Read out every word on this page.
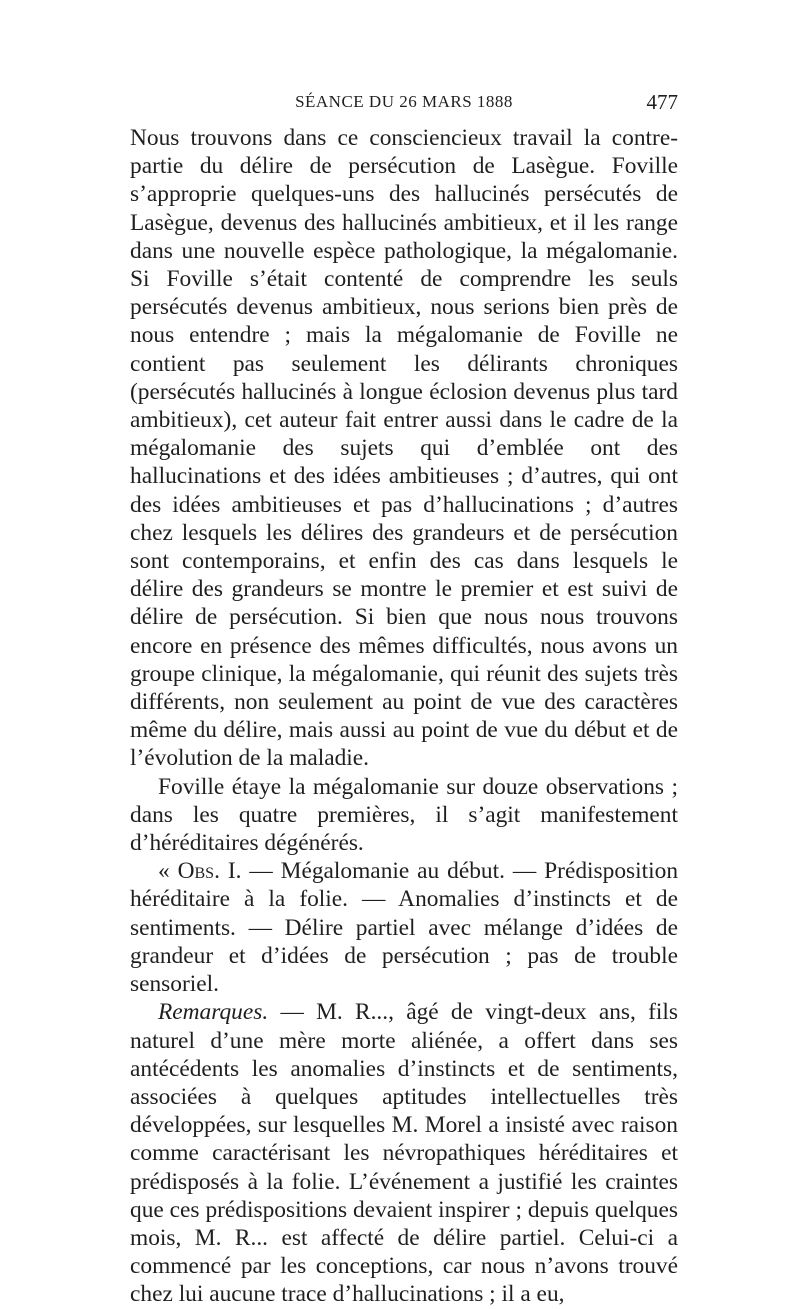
SÉANCE DU 26 MARS 1888	477

Nous trouvons dans ce consciencieux travail la contre-partie du délire de persécution de Lasègue. Foville s’approprie quelques-uns des hallucinés persécutés de Lasègue, devenus des hallucinés ambitieux, et il les range dans une nouvelle espèce pathologique, la mégalomanie. Si Foville s’était contenté de comprendre les seuls persécutés devenus ambitieux, nous serions bien près de nous entendre ; mais la mégalomanie de Foville ne contient pas seulement les délirants chroniques (persécutés hallucinés à longue éclosion devenus plus tard ambitieux), cet auteur fait entrer aussi dans le cadre de la mégalomanie des sujets qui d’emblée ont des hallucinations et des idées ambitieuses ; d’autres, qui ont des idées ambitieuses et pas d’hallucinations ; d’autres chez lesquels les délires des grandeurs et de persécution sont contemporains, et enfin des cas dans lesquels le délire des grandeurs se montre le premier et est suivi de délire de persécution. Si bien que nous nous trouvons encore en présence des mêmes difficultés, nous avons un groupe clinique, la mégalomanie, qui réunit des sujets très différents, non seulement au point de vue des caractères même du délire, mais aussi au point de vue du début et de l’évolution de la maladie.

Foville étaye la mégalomanie sur douze observations ; dans les quatre premières, il s’agit manifestement d’héréditaires dégénérés.

« Obs. I. — Mégalomanie au début. — Prédisposition héréditaire à la folie. — Anomalies d’instincts et de sentiments. — Délire partiel avec mélange d’idées de grandeur et d’idées de persécution ; pas de trouble sensoriel.

Remarques. — M. R..., âgé de vingt-deux ans, fils naturel d’une mère morte aliénée, a offert dans ses antécédents les anomalies d’instincts et de sentiments, associées à quelques aptitudes intellectuelles très développées, sur lesquelles M. Morel a insisté avec raison comme caractérisant les névropathiques héréditaires et prédisposés à la folie. L’événement a justifié les craintes que ces prédispositions devaient inspirer ; depuis quelques mois, M. R... est affecté de délire partiel. Celui-ci a commencé par les conceptions, car nous n’avons trouvé chez lui aucune trace d’hallucinations ; il a eu,
